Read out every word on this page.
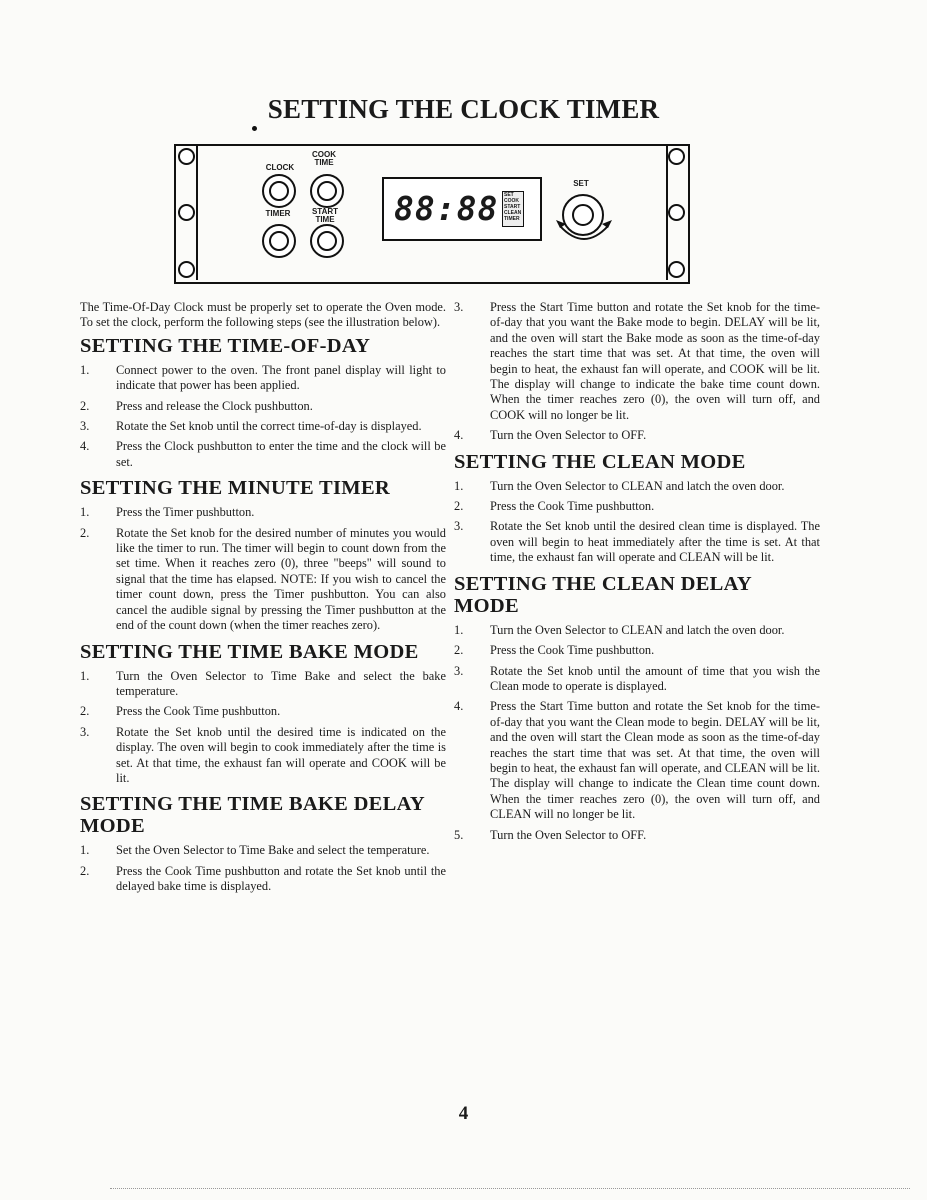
SETTING THE CLOCK TIMER
CLOCK
COOK TIME
TIMER	START TIME 88:88 SET
COOK
START
CLEAN
TIMER
SET

The Time-Of-Day Clock must be properly set to operate the Oven mode. To set the clock, perform the following steps (see the illustration below).

SETTING THE TIME-OF-DAY
1. Connect power to the oven. The front panel display will light to indicate that power has been applied.
2. Press and release the Clock pushbutton.
3. Rotate the Set knob until the correct time-of-day is displayed.
4. Press the Clock pushbutton to enter the time and the clock will be set.
SETTING THE MINUTE TIMER
1. Press the Timer pushbutton.
2. Rotate the Set knob for the desired number of minutes you would like the timer to run. The timer will begin to count down from the set time. When it reaches zero (0), three "beeps" will sound to signal that the time has elapsed. NOTE: If you wish to cancel the timer count down, press the Timer pushbutton. You can also cancel the audible signal by pressing the Timer pushbutton at the end of the count down (when the timer reaches zero).
SETTING THE TIME BAKE MODE
1. Turn the Oven Selector to Time Bake and select the bake temperature.
2. Press the Cook Time pushbutton.
3. Rotate the Set knob until the desired time is indicated on the display. The oven will begin to cook immediately after the time is set. At that time, the exhaust fan will operate and COOK will be lit.
SETTING THE TIME BAKE DELAY MODE
1. Set the Oven Selector to Time Bake and select the temperature.
2. Press the Cook Time pushbutton and rotate the Set knob until the delayed bake time is displayed.
3. Press the Start Time button and rotate the Set knob for the time-of-day that you want the Bake mode to begin. DELAY will be lit, and the oven will start the Bake mode as soon as the time-of-day reaches the start time that was set. At that time, the oven will begin to heat, the exhaust fan will operate, and COOK will be lit. The display will change to indicate the bake time count down. When the timer reaches zero (0), the oven will turn off, and COOK will no longer be lit.
4. Turn the Oven Selector to OFF.
SETTING THE CLEAN MODE
1. Turn the Oven Selector to CLEAN and latch the oven door.
2. Press the Cook Time pushbutton.
3. Rotate the Set knob until the desired clean time is displayed. The oven will begin to heat immediately after the time is set. At that time, the exhaust fan will operate and CLEAN will be lit.
SETTING THE CLEAN DELAY MODE
1. Turn the Oven Selector to CLEAN and latch the oven door.
2. Press the Cook Time pushbutton.
3. Rotate the Set knob until the amount of time that you wish the Clean mode to operate is displayed.
4. Press the Start Time button and rotate the Set knob for the time-of-day that you want the Clean mode to begin. DELAY will be lit, and the oven will start the Clean mode as soon as the time-of-day reaches the start time that was set. At that time, the oven will begin to heat, the exhaust fan will operate, and CLEAN will be lit. The display will change to indicate the Clean time count down. When the timer reaches zero (0), the oven will turn off, and CLEAN will no longer be lit.
5. Turn the Oven Selector to OFF.
4
